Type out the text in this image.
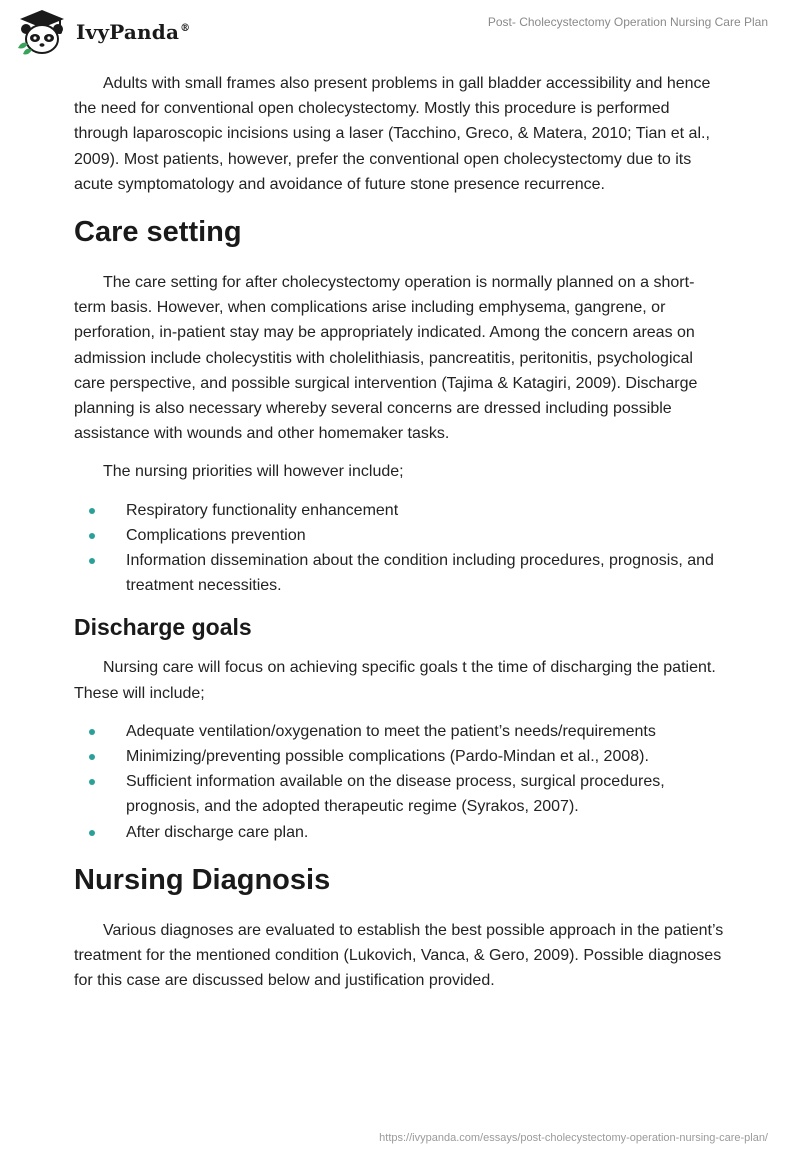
IvyPanda®	Post- Cholecystectomy Operation Nursing Care Plan

Adults with small frames also present problems in gall bladder accessibility and hence the need for conventional open cholecystectomy. Mostly this procedure is performed through laparoscopic incisions using a laser (Tacchino, Greco, & Matera, 2010; Tian et al., 2009). Most patients, however, prefer the conventional open cholecystectomy due to its acute symptomatology and avoidance of future stone presence recurrence.

Care setting

The care setting for after cholecystectomy operation is normally planned on a short-term basis. However, when complications arise including emphysema, gangrene, or perforation, in-patient stay may be appropriately indicated. Among the concern areas on admission include cholecystitis with cholelithiasis, pancreatitis, peritonitis, psychological care perspective, and possible surgical intervention (Tajima & Katagiri, 2009). Discharge planning is also necessary whereby several concerns are dressed including possible assistance with wounds and other homemaker tasks.

The nursing priorities will however include;

Respiratory functionality enhancement
Complications prevention
Information dissemination about the condition including procedures, prognosis, and treatment necessities.
Discharge goals

Nursing care will focus on achieving specific goals t the time of discharging the patient. These will include;

Adequate ventilation/oxygenation to meet the patient’s needs/requirements
Minimizing/preventing possible complications (Pardo-Mindan et al., 2008).
Sufficient information available on the disease process, surgical procedures, prognosis, and the adopted therapeutic regime (Syrakos, 2007).
After discharge care plan.
Nursing Diagnosis

Various diagnoses are evaluated to establish the best possible approach in the patient’s treatment for the mentioned condition (Lukovich, Vanca, & Gero, 2009). Possible diagnoses for this case are discussed below and justification provided.

https://ivypanda.com/essays/post-cholecystectomy-operation-nursing-care-plan/
